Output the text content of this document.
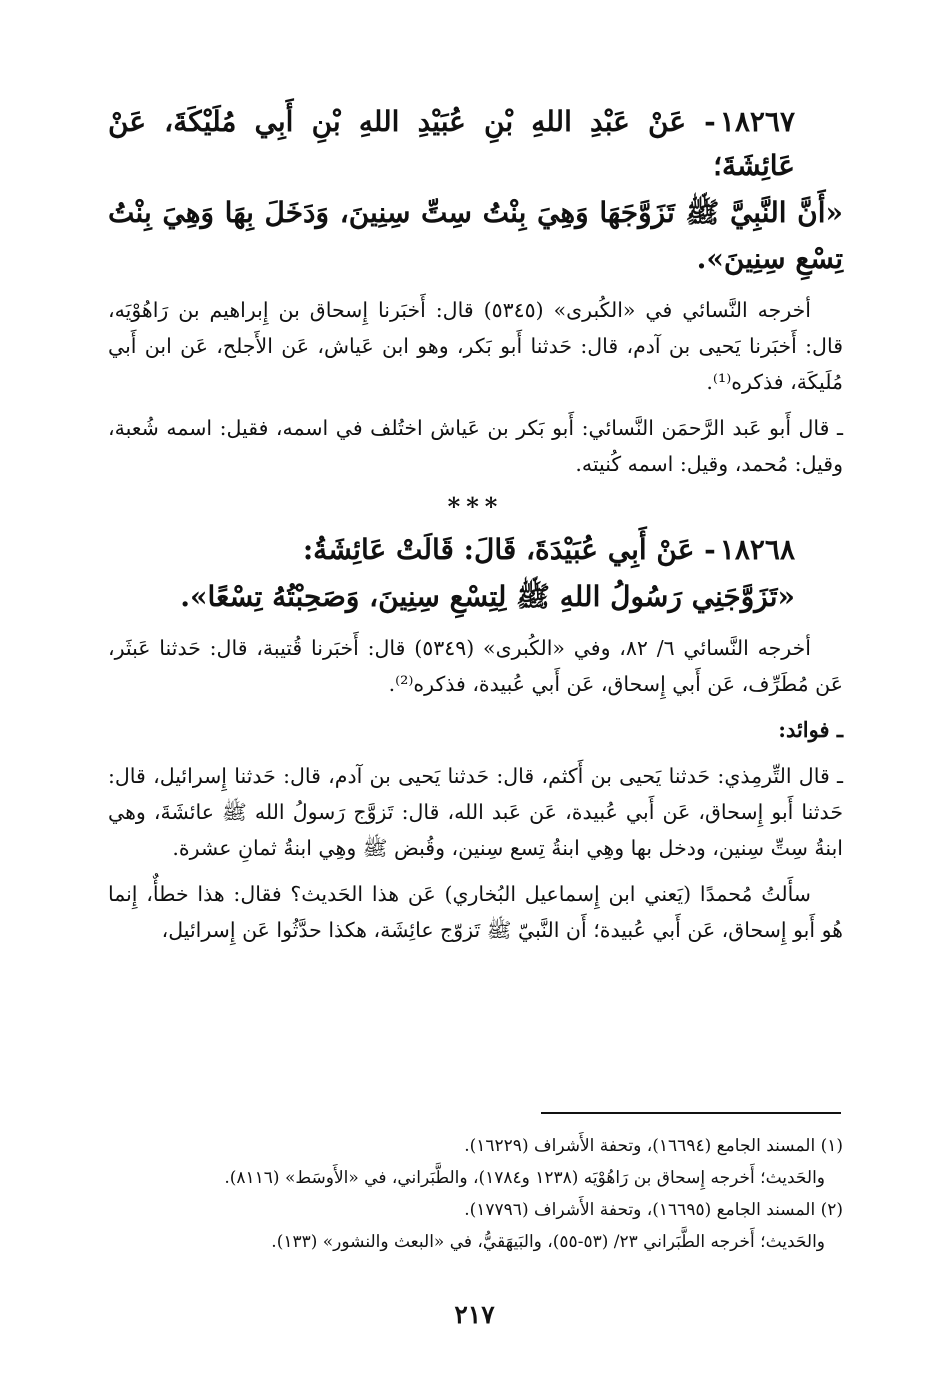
١٨٢٦٧- عَنْ عَبْدِ اللهِ بْنِ عُبَيْدِ اللهِ بْنِ أَبِي مُلَيْكَةَ، عَنْ عَائِشَةَ؛

«أَنَّ النَّبِيَّ ﷺ تَزَوَّجَهَا وَهِيَ بِنْتُ سِتِّ سِنِينَ، وَدَخَلَ بِهَا وَهِيَ بِنْتُ تِسْعِ سِنِينَ».

أخرجه النَّسائي في «الكُبرى» (٥٣٤٥) قال: أَخبَرنا إِسحاق بن إِبراهيم بن رَاهُوْيَه، قال: أَخبَرنا يَحيى بن آدم، قال: حَدثنا أَبو بَكر، وهو ابن عَياش، عَن الأَجلح، عَن ابن أَبي مُلَيكَة، فذكره⁽¹⁾.

ـ قال أَبو عَبد الرَّحمَن النَّسائي: أَبو بَكر بن عَياش اختُلف في اسمه، فقيل: اسمه شُعبة، وقيل: مُحمد، وقيل: اسمه كُنيته.

***

١٨٢٦٨- عَنْ أَبِي عُبَيْدَةَ، قَالَ: قَالَتْ عَائِشَةُ:

«تَزَوَّجَنِي رَسُولُ اللهِ ﷺ لِتِسْعِ سِنِينَ، وَصَحِبْتُهُ تِسْعًا».

أخرجه النَّسائي ٦/ ٨٢، وفي «الكُبرى» (٥٣٤٩) قال: أَخبَرنا قُتيبة، قال: حَدثنا عَبثَر، عَن مُطَرِّف، عَن أَبي إِسحاق، عَن أَبي عُبيدة، فذكره⁽²⁾.

ـ فوائد:

ـ قال التِّرمِذي: حَدثنا يَحيى بن أَكثم، قال: حَدثنا يَحيى بن آدم، قال: حَدثنا إِسرائيل، قال: حَدثنا أَبو إِسحاق، عَن أَبي عُبيدة، عَن عَبد الله، قال: تَزوَّج رَسولُ الله ﷺ عائشَةَ، وهي ابنةُ سِتِّ سِنين، ودخل بها وهِي ابنةُ تِسع سِنين، وقُبض ﷺ وهِي ابنةُ ثمانِ عشرة.

سأَلتُ مُحمدًا (يَعني ابن إِسماعيل البُخاري) عَن هذا الحَديث؟ فقال: هذا خطأٌ، إِنما هُو أَبو إِسحاق، عَن أَبي عُبيدة؛ أَن النَّبيّ ﷺ تَزوّج عائِشَة، هكذا حدَّثُوا عَن إِسرائيل،

(١) المسند الجامع (١٦٦٩٤)، وتحفة الأَشراف (١٦٢٢٩).

والحَديث؛ أَخرجه إِسحاق بن رَاهُوْيَه (١٢٣٨ و١٧٨٤)، والطَّبَراني، في «الأَوسَط» (٨١١٦).

(٢) المسند الجامع (١٦٦٩٥)، وتحفة الأَشراف (١٧٧٩٦).

والحَديث؛ أَخرجه الطَّبَراني ٢٣/ (٥٣-٥٥)، والبَيهَقيُّ، في «البعث والنشور» (١٣٣).

٢١٧
